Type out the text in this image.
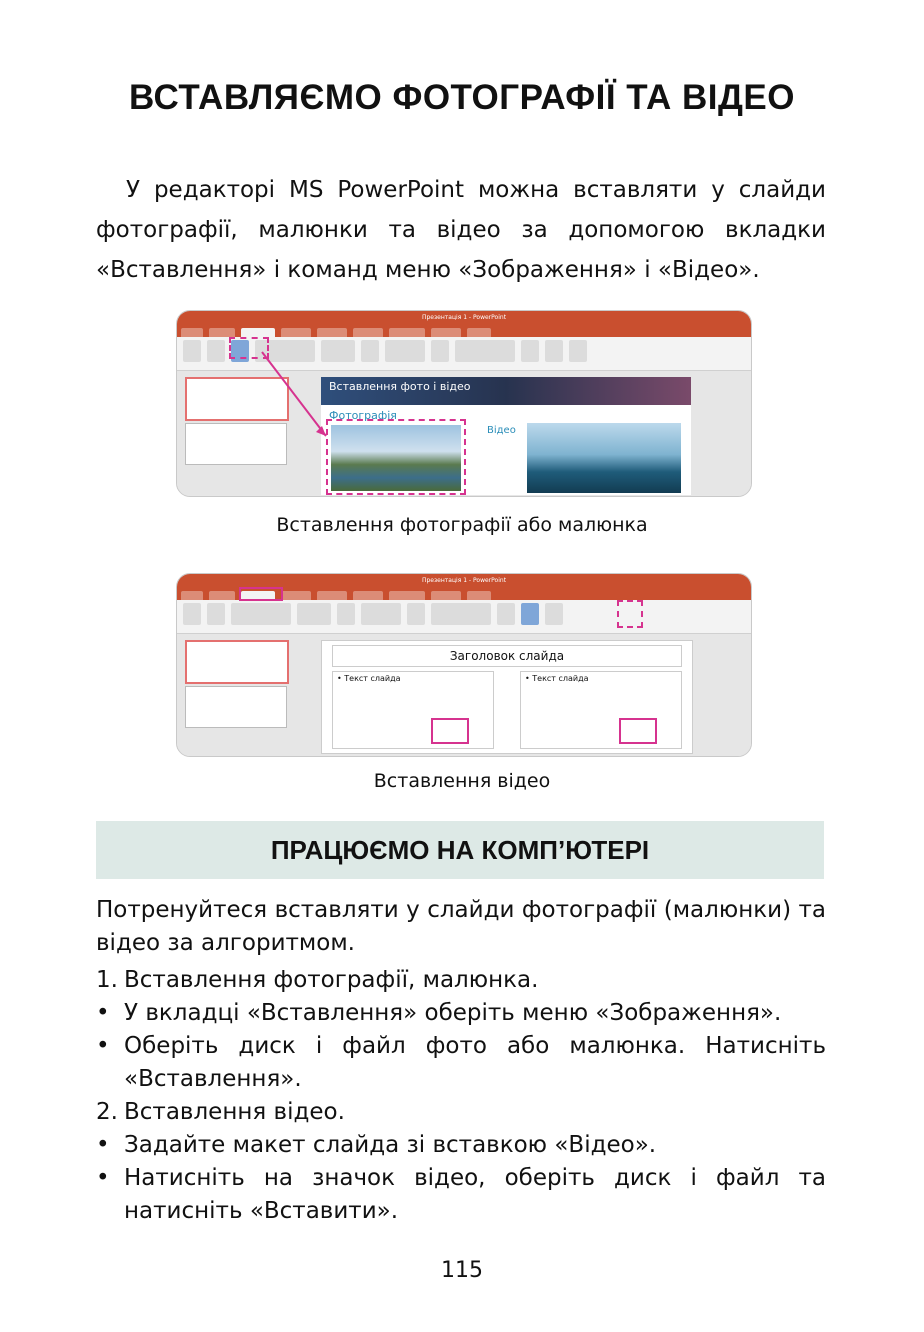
ВСТАВЛЯЄМО ФОТОГРАФІЇ ТА ВІДЕО
У редакторі MS PowerPoint можна вставляти у слайди фотографії, малюнки та відео за допомогою вкладки «Вставлення» і команд меню «Зображення» і «Відео».
Презентація 1 - PowerPoint
Вставлення фото і відео
Фотографія
Відео
Вставлення фотографії або малюнка
Презентація 1 - PowerPoint
Заголовок слайда
• Текст слайда	• Текст слайда
Вставлення відео
ПРАЦЮЄМО НА КОМП’ЮТЕРІ

Потренуйтеся вставляти у слайди фотографії (малюнки) та відео за алгоритмом.

1. Вставлення фотографії, малюнка.
• У вкладці «Вставлення» оберіть меню «Зображення».
• Оберіть диск і файл фото або малюнка. Натисніть «Вставлення».
2. Вставлення відео.
• Задайте макет слайда зі вставкою «Відео».
• Натисніть на значок відео, оберіть диск і файл та натисніть «Вставити».
115
